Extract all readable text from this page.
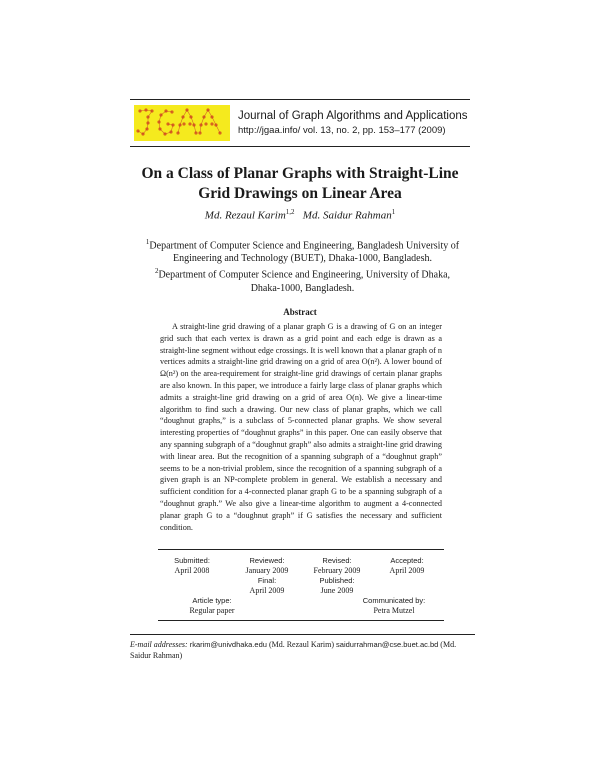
Journal of Graph Algorithms and Applications
http://jgaa.info/ vol. 13, no. 2, pp. 153–177 (2009)
On a Class of Planar Graphs with Straight-Line
Grid Drawings on Linear Area
Md. Rezaul Karim$^{1,2}$ Md. Saidur Rahman$^1$

$^1$Department of Computer Science and Engineering, Bangladesh University of

Engineering and Technology (BUET), Dhaka-1000, Bangladesh.

$^2$Department of Computer Science and Engineering, University of Dhaka,

Dhaka-1000, Bangladesh.

Abstract

A straight-line grid drawing of a planar graph G is a drawing of G on an integer grid such that each vertex is drawn as a grid point and each edge is drawn as a straight-line segment without edge crossings. It is well known that a planar graph of n vertices admits a straight-line grid drawing on a grid of area O(n²). A lower bound of Ω(n²) on the area-requirement for straight-line grid drawings of certain planar graphs are also known. In this paper, we introduce a fairly large class of planar graphs which admits a straight-line grid drawing on a grid of area O(n). We give a linear-time algorithm to find such a drawing. Our new class of planar graphs, which we call “doughnut graphs,” is a subclass of 5-connected planar graphs. We show several interesting properties of “doughnut graphs” in this paper. One can easily observe that any spanning subgraph of a “doughnut graph” also admits a straight-line grid drawing with linear area. But the recognition of a spanning subgraph of a “doughnut graph” seems to be a non-trivial problem, since the recognition of a spanning subgraph of a given graph is an NP-complete problem in general. We establish a necessary and sufficient condition for a 4-connected planar graph G to be a spanning subgraph of a “doughnut graph.” We also give a linear-time algorithm to augment a 4-connected planar graph G to a “doughnut graph” if G satisfies the necessary and sufficient condition.

Submitted:
April 2008
Reviewed:
January 2009
Revised:
February 2009
Accepted:
April 2009
Final:
April 2009
Published:
June 2009
Article type:
Regular paper
Communicated by:
Petra Mutzel
E-mail addresses: rkarim@univdhaka.edu (Md. Rezaul Karim) saidurrahman@cse.buet.ac.bd (Md. Saidur Rahman)
